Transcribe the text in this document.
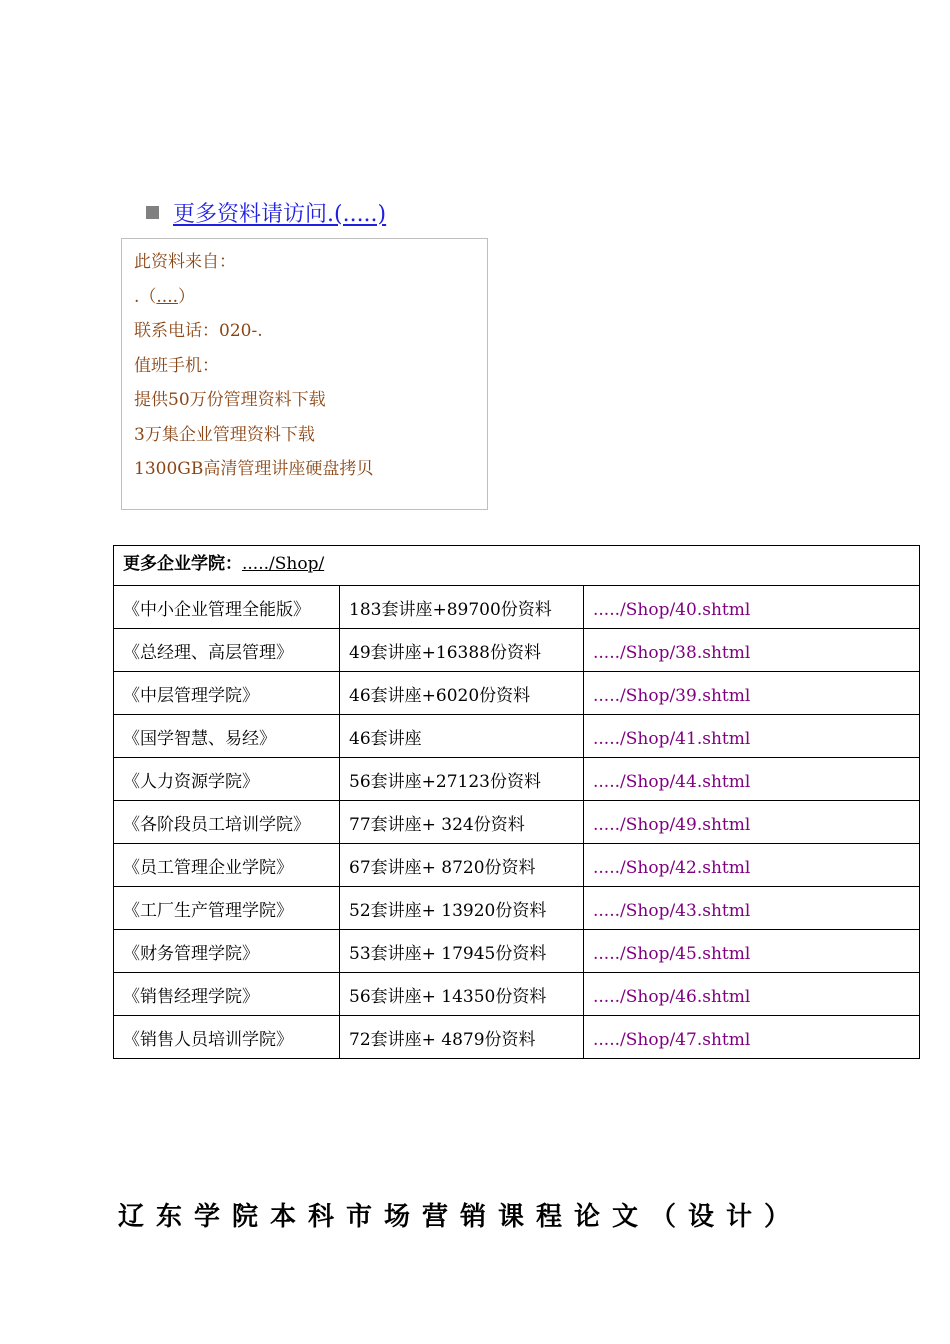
更多资料请访问.(.....)
此资料来自：
.（....）
联系电话：020-.
值班手机：
提供50万份管理资料下载
3万集企业管理资料下载
1300GB高清管理讲座硬盘拷贝
更多企业学院：...../Shop/		
《中小企业管理全能版》	183套讲座+89700份资料	...../Shop/40.shtml
《总经理、高层管理》	49套讲座+16388份资料	...../Shop/38.shtml
《中层管理学院》	46套讲座+6020份资料	...../Shop/39.shtml
《国学智慧、易经》	46套讲座	...../Shop/41.shtml
《人力资源学院》	56套讲座+27123份资料	...../Shop/44.shtml
《各阶段员工培训学院》	77套讲座+ 324份资料	...../Shop/49.shtml
《员工管理企业学院》	67套讲座+ 8720份资料	...../Shop/42.shtml
《工厂生产管理学院》	52套讲座+ 13920份资料	...../Shop/43.shtml
《财务管理学院》	53套讲座+ 17945份资料	...../Shop/45.shtml
《销售经理学院》	56套讲座+ 14350份资料	...../Shop/46.shtml
《销售人员培训学院》	72套讲座+ 4879份资料	...../Shop/47.shtml
辽东学院本科市场营销课程论文（设计）
